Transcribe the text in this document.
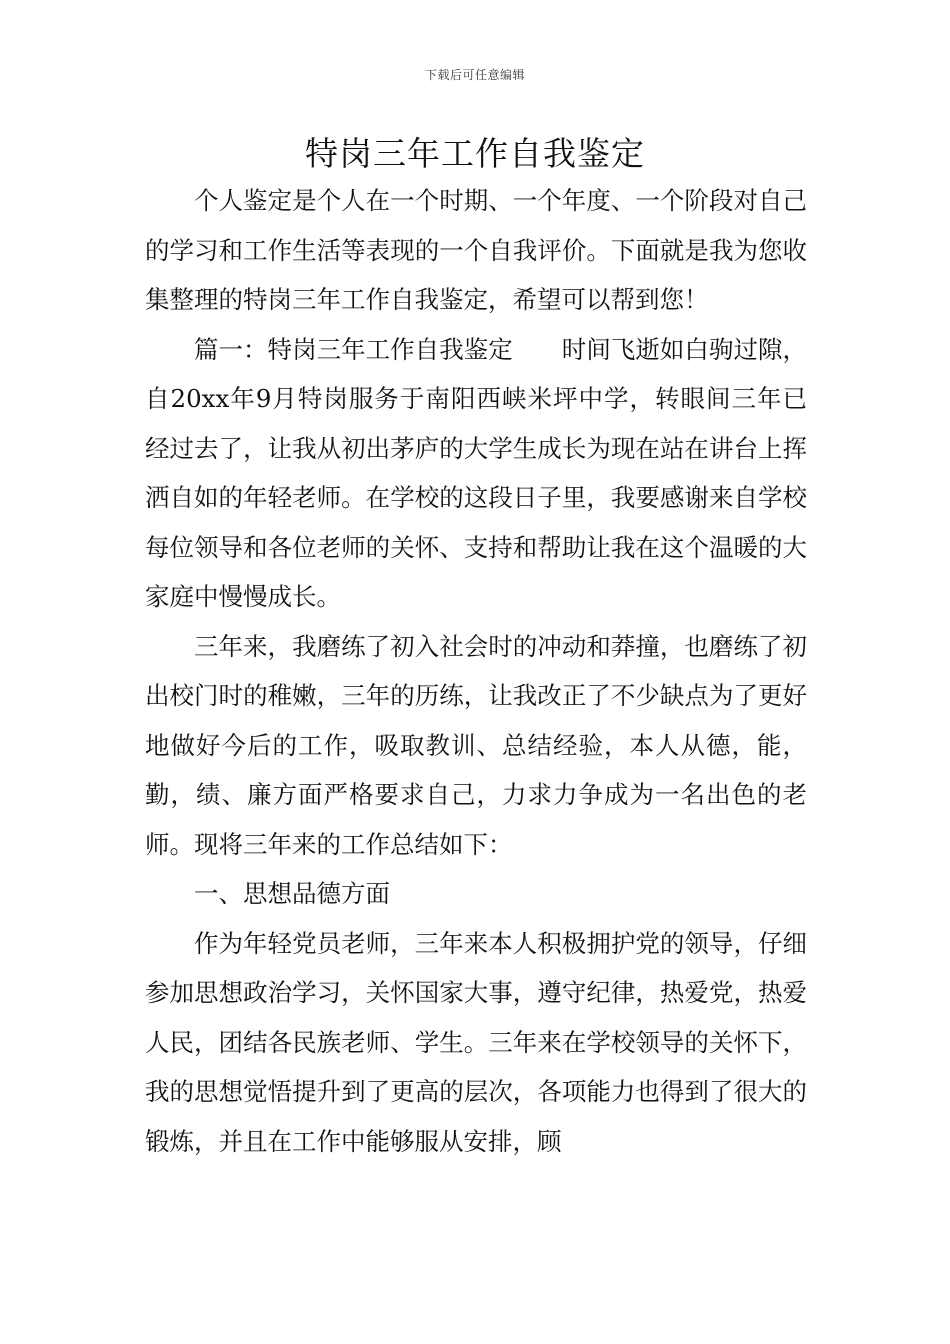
下载后可任意编辑
特岗三年工作自我鉴定

个人鉴定是个人在一个时期、一个年度、一个阶段对自己的学习和工作生活等表现的一个自我评价。下面就是我为您收集整理的特岗三年工作自我鉴定，希望可以帮到您！

篇一：特岗三年工作自我鉴定　　时间飞逝如白驹过隙，自20xx年9月特岗服务于南阳西峡米坪中学，转眼间三年已经过去了，让我从初出茅庐的大学生成长为现在站在讲台上挥洒自如的年轻老师。在学校的这段日子里，我要感谢来自学校每位领导和各位老师的关怀、支持和帮助让我在这个温暖的大家庭中慢慢成长。

三年来，我磨练了初入社会时的冲动和莽撞，也磨练了初出校门时的稚嫩，三年的历练，让我改正了不少缺点为了更好地做好今后的工作，吸取教训、总结经验，本人从德，能，勤，绩、廉方面严格要求自己，力求力争成为一名出色的老师。现将三年来的工作总结如下：

一、思想品德方面

作为年轻党员老师，三年来本人积极拥护党的领导，仔细参加思想政治学习，关怀国家大事，遵守纪律，热爱党，热爱人民，团结各民族老师、学生。三年来在学校领导的关怀下，我的思想觉悟提升到了更高的层次，各项能力也得到了很大的锻炼，并且在工作中能够服从安排，顾
